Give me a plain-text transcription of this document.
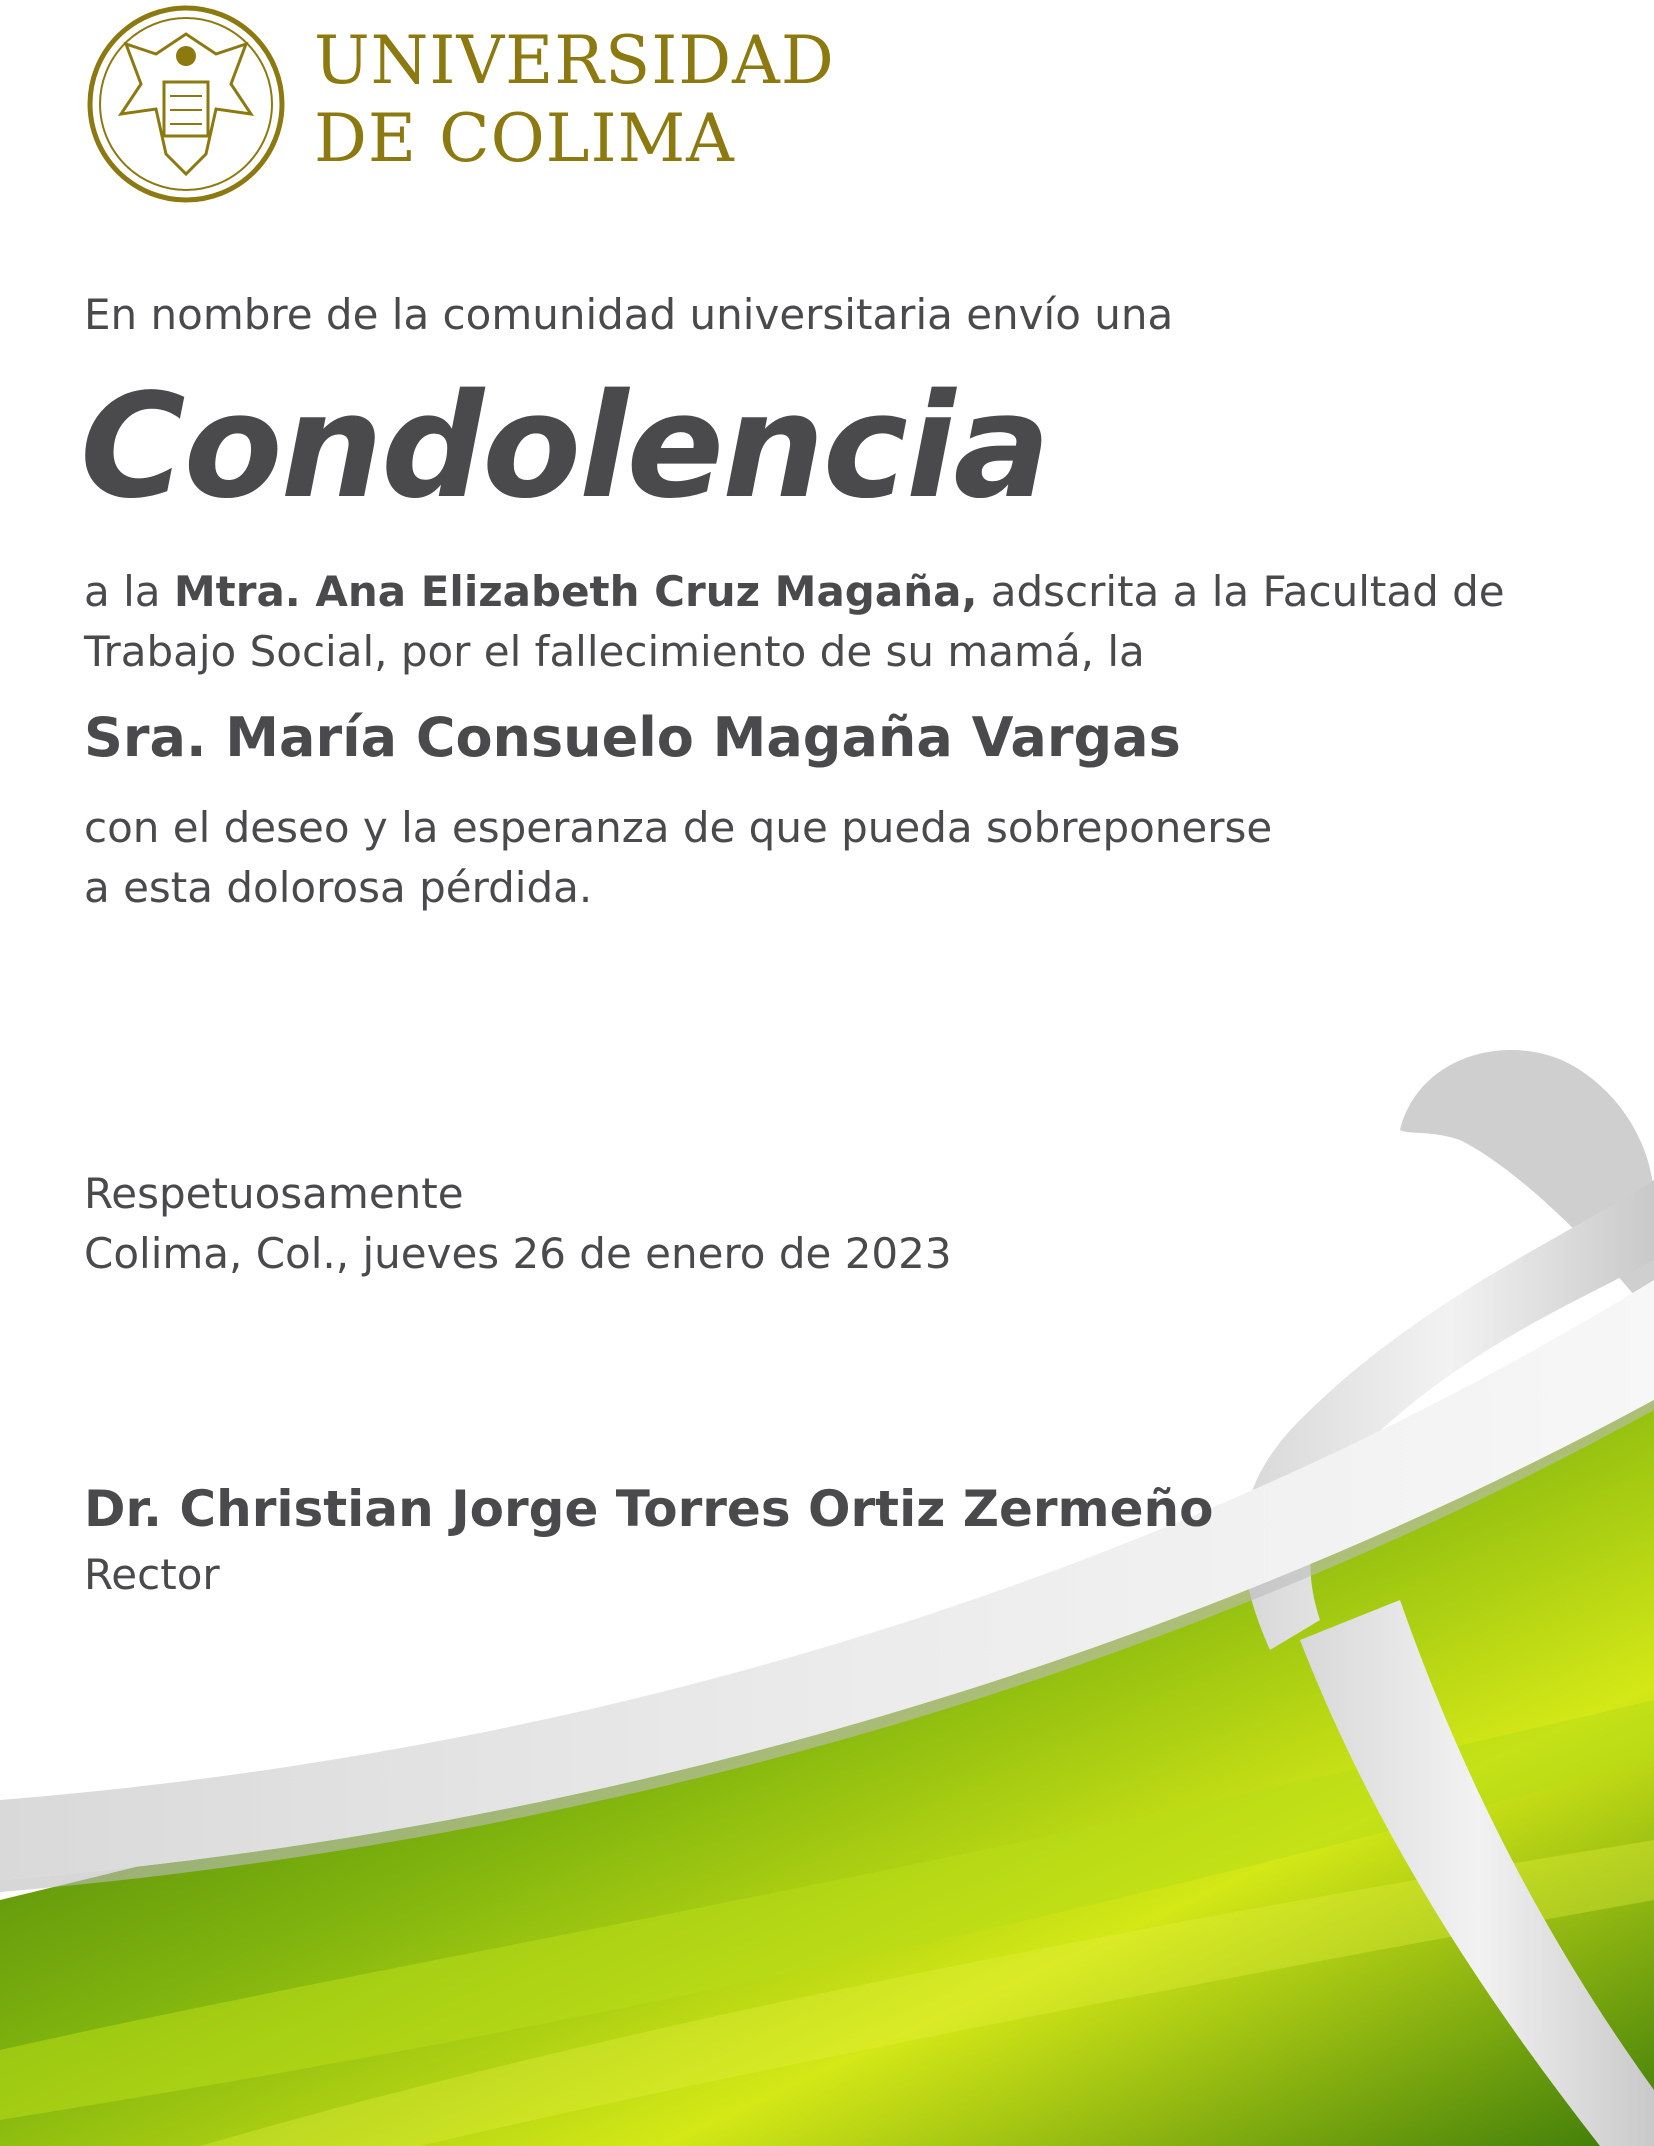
UNIVERSIDAD
DE COLIMA
En nombre de la comunidad universitaria envío una
Condolencia
a la Mtra. Ana Elizabeth Cruz Magaña, adscrita a la Facultad de
Trabajo Social, por el fallecimiento de su mamá, la
Sra. María Consuelo Magaña Vargas
con el deseo y la esperanza de que pueda sobreponerse
a esta dolorosa pérdida.
Respetuosamente
Colima, Col., jueves 26 de enero de 2023
Dr. Christian Jorge Torres Ortiz Zermeño
Rector
